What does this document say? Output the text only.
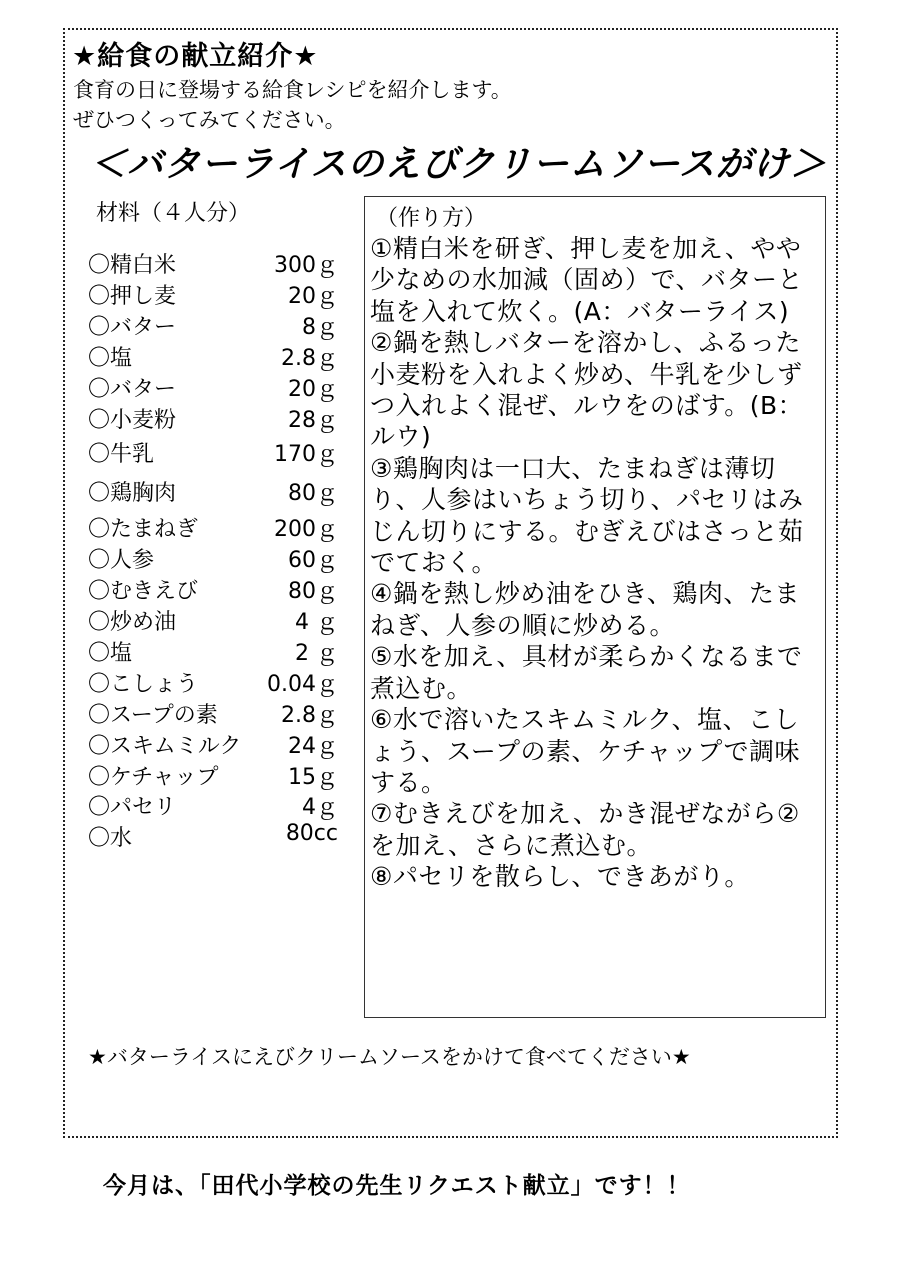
★給食の献立紹介★
食育の日に登場する給食レシピを紹介します。
ぜひつくってみてください。
＜バターライスのえびクリームソースがけ＞
材料（４人分）
〇精白米	300ｇ
〇押し麦	20ｇ
〇バター	8ｇ
〇塩	2.8ｇ
〇バター	20ｇ
〇小麦粉	28ｇ
〇牛乳	170ｇ
〇鶏胸肉	80ｇ
〇たまねぎ	200ｇ
〇人参	60ｇ
〇むきえび	80ｇ
〇炒め油	4 ｇ
〇塩	2 ｇ
〇こしょう	0.04ｇ
〇スープの素	2.8ｇ
〇スキムミルク 24ｇ
〇ケチャップ	15ｇ
〇パセリ	4ｇ
〇水	80cc
（作り方）

①精白米を研ぎ、押し麦を加え、やや少なめの水加減（固め）で、バターと塩を入れて炊く。(A：バターライス)

②鍋を熱しバターを溶かし、ふるった小麦粉を入れよく炒め、牛乳を少しずつ入れよく混ぜ、ルウをのばす。(B：ルウ)

③鶏胸肉は一口大、たまねぎは薄切り、人参はいちょう切り、パセリはみじん切りにする。むぎえびはさっと茹でておく。

④鍋を熱し炒め油をひき、鶏肉、たまねぎ、人参の順に炒める。

⑤水を加え、具材が柔らかくなるまで煮込む。

⑥水で溶いたスキムミルク、塩、こしょう、スープの素、ケチャップで調味する。

⑦むきえびを加え、かき混ぜながら②を加え、さらに煮込む。

⑧パセリを散らし、できあがり。

★バターライスにえびクリームソースをかけて食べてください★
今月は、「田代小学校の先生リクエスト献立」です！！
